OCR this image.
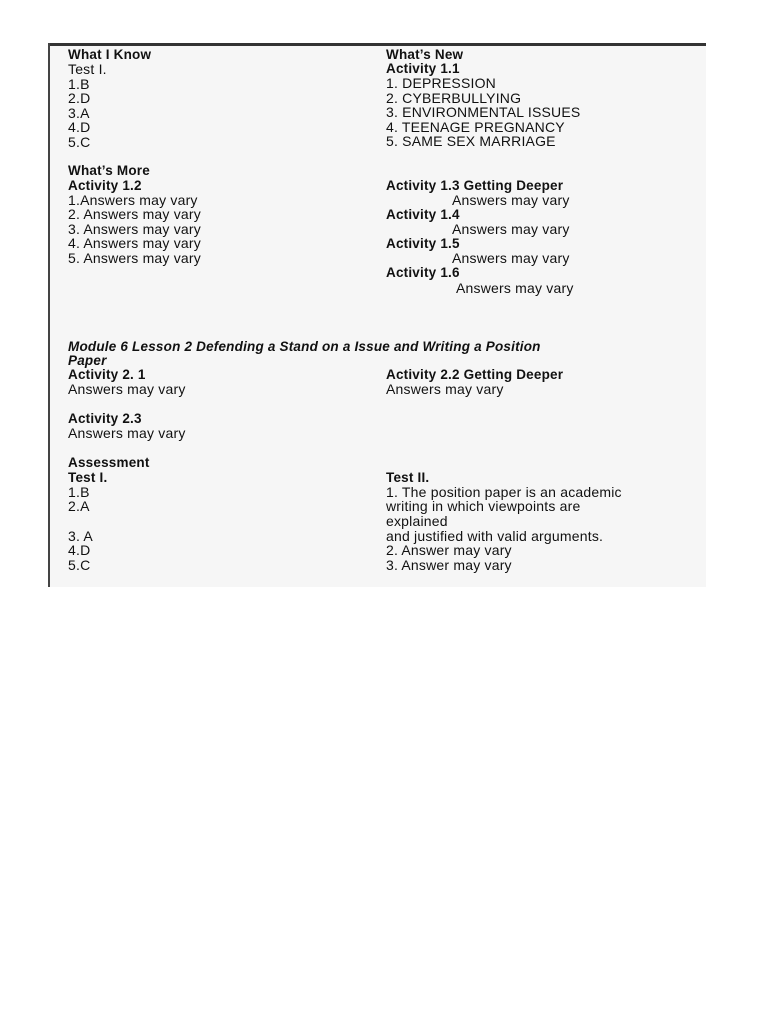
What I Know
Test I.
1.B
2.D
3.A
4.D
5.C
What’s New
Activity 1.1
1. DEPRESSION
2. CYBERBULLYING
3. ENVIRONMENTAL ISSUES
4. TEENAGE PREGNANCY
5. SAME SEX MARRIAGE
What’s More
Activity 1.2
1.Answers may vary
2. Answers may vary
3. Answers may vary
4. Answers may vary
5. Answers may vary
Activity 1.3 Getting Deeper
Answers may vary
Activity 1.4
Answers may vary
Activity 1.5
Answers may vary
Activity 1.6
Answers may vary
Module 6 Lesson 2 Defending a Stand on a Issue and Writing a Position
Paper
Activity 2. 1
Answers may vary
Activity 2.2 Getting Deeper
Answers may vary
Activity 2.3
Answers may vary
Assessment
Test I.
1.B
2.A
3. A
4.D
5.C
Test II.
1. The position paper is an academic
writing in which viewpoints are
explained
and justified with valid arguments.
2. Answer may vary
3. Answer may vary
